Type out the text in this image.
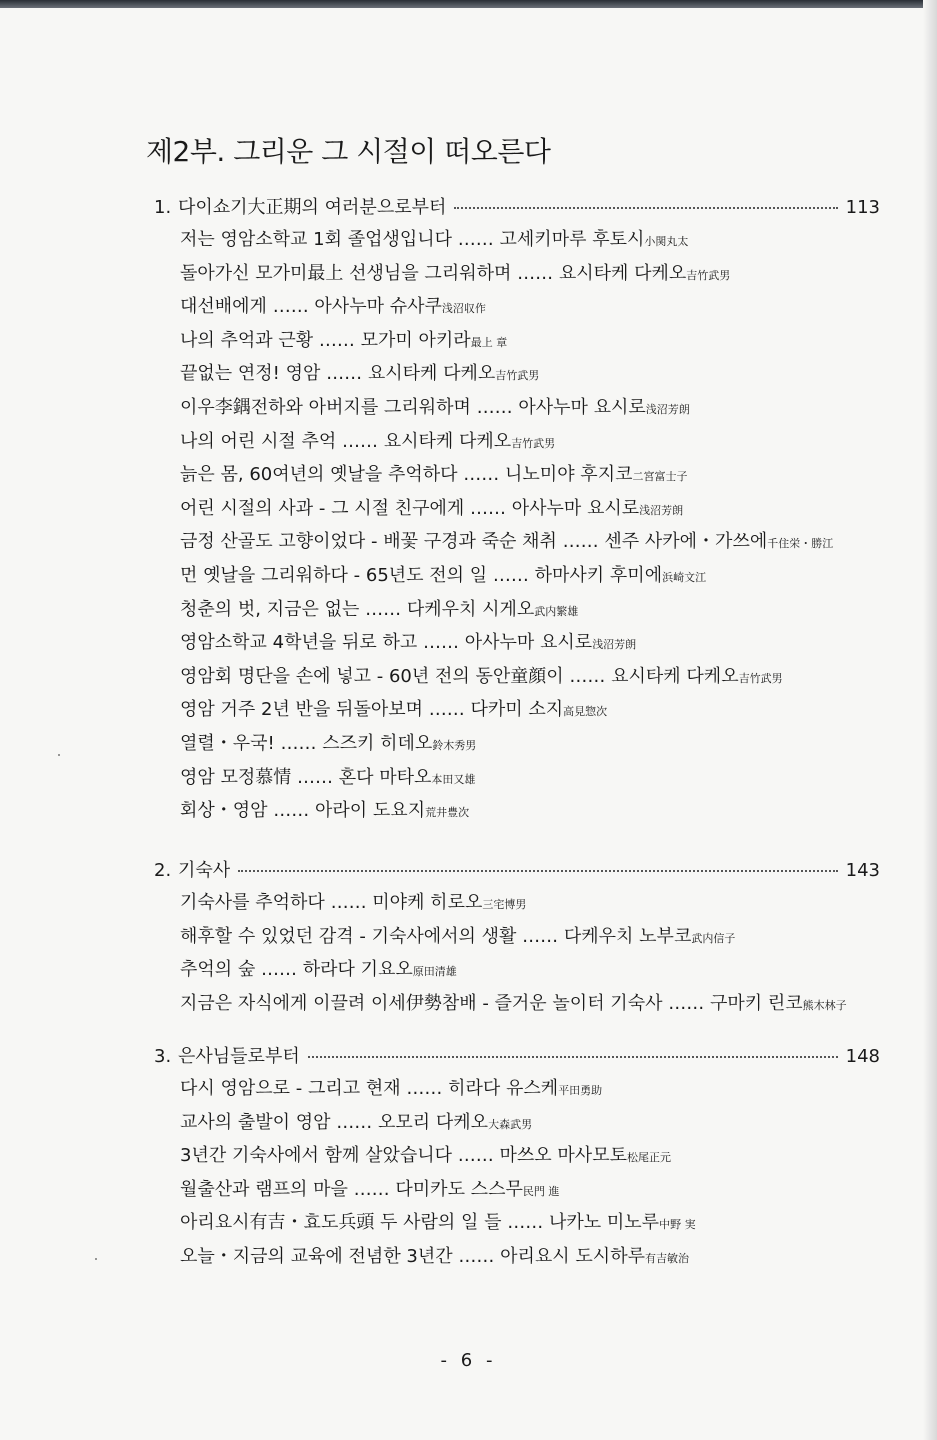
제2부. 그리운 그 시절이 떠오른다
1. 다이쇼기大正期의 여러분으로부터	113
저는 영암소학교 1회 졸업생입니다 …… 고세키마루 후토시小関丸太
돌아가신 모가미最上 선생님을 그리워하며 …… 요시타케 다케오吉竹武男
대선배에게 …… 아사누마 슈사쿠浅沼収作
나의 추억과 근황 …… 모가미 아키라最上 章
끝없는 연정! 영암 …… 요시타케 다케오吉竹武男
이우李鍝전하와 아버지를 그리워하며 …… 아사누마 요시로浅沼芳朗
나의 어린 시절 추억 …… 요시타케 다케오吉竹武男
늙은 몸, 60여년의 옛날을 추억하다 …… 니노미야 후지코二宮富士子
어린 시절의 사과 - 그 시절 친구에게 …… 아사누마 요시로浅沼芳朗
금정 산골도 고향이었다 - 배꽃 구경과 죽순 채취 …… 센주 사카에・가쓰에千住栄・勝江
먼 옛날을 그리워하다 - 65년도 전의 일 …… 하마사키 후미에浜崎文江
청춘의 벗, 지금은 없는 …… 다케우치 시게오武内繁雄
영암소학교 4학년을 뒤로 하고 …… 아사누마 요시로浅沼芳朗
영암회 명단을 손에 넣고 - 60년 전의 동안童顔이 …… 요시타케 다케오吉竹武男
영암 거주 2년 반을 뒤돌아보며 …… 다카미 소지高見惣次
열렬・우국! …… 스즈키 히데오鈴木秀男
영암 모정慕情 …… 혼다 마타오本田又雄
회상・영암 …… 아라이 도요지荒井豊次
2. 기숙사	143
기숙사를 추억하다 …… 미야케 히로오三宅博男
해후할 수 있었던 감격 - 기숙사에서의 생활 …… 다케우치 노부코武内信子
추억의 숲 …… 하라다 기요오原田清雄
지금은 자식에게 이끌려 이세伊勢참배 - 즐거운 놀이터 기숙사 …… 구마키 린코熊木林子
3. 은사님들로부터	148
다시 영암으로 - 그리고 현재 …… 히라다 유스케平田勇助
교사의 출발이 영암 …… 오모리 다케오大森武男
3년간 기숙사에서 함께 살았습니다 …… 마쓰오 마사모토松尾正元
월출산과 램프의 마을 …… 다미카도 스스무民門 進
아리요시有吉・효도兵頭 두 사람의 일 들 …… 나카노 미노루中野 実
오늘・지금의 교육에 전념한 3년간 …… 아리요시 도시하루有吉敏治
- 6 -
